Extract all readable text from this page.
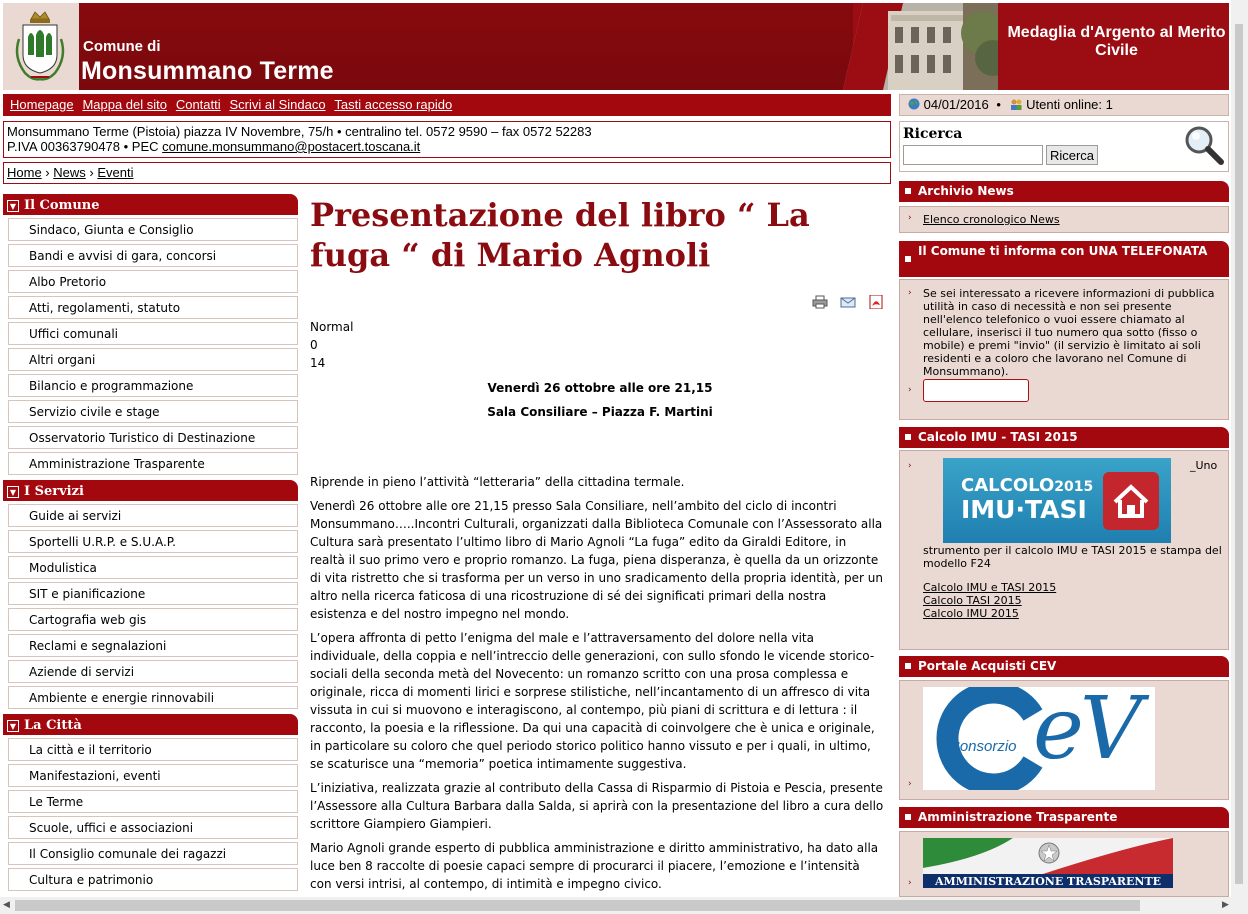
Comune di
Monsummano Terme
Medaglia d'Argento al Merito Civile
Homepage Mappa del sito Contatti Scrivi al Sindaco Tasti accesso rapido	04/01/2016 • Utenti online: 1
Monsummano Terme (Pistoia) piazza IV Novembre, 75/h • centralino tel. 0572 9590 – fax 0572 52283
P.IVA 00363790478 • PEC comune.monsummano@postacert.toscana.it
Ricerca
Ricerca
Home › News › Eventi
▼ Il Comune
Sindaco, Giunta e Consiglio
Bandi e avvisi di gara, concorsi
Albo Pretorio
Atti, regolamenti, statuto
Uffici comunali
Altri organi
Bilancio e programmazione
Servizio civile e stage
Osservatorio Turistico di Destinazione
Amministrazione Trasparente
▼ I Servizi
Guide ai servizi
Sportelli U.R.P. e S.U.A.P.
Modulistica
SIT e pianificazione
Cartografia web gis
Reclami e segnalazioni
Aziende di servizi
Ambiente e energie rinnovabili
▼ La Città
La città e il territorio
Manifestazioni, eventi
Le Terme
Scuole, uffici e associazioni
Il Consiglio comunale dei ragazzi
Cultura e patrimonio
Presentazione del libro “ La fuga “ di Mario Agnoli
Normal
0
14
Venerdì 26 ottobre alle ore 21,15
Sala Consiliare – Piazza F. Martini

Riprende in pieno l’attività “letteraria” della cittadina termale.

Venerdì 26 ottobre alle ore 21,15 presso Sala Consiliare, nell’ambito del ciclo di incontri Monsummano…..Incontri Culturali, organizzati dalla Biblioteca Comunale con l’Assessorato alla Cultura sarà presentato l’ultimo libro di Mario Agnoli “La fuga” edito da Giraldi Editore, in realtà il suo primo vero e proprio romanzo. La fuga, piena disperanza, è quella da un orizzonte di vita ristretto che si trasforma per un verso in uno sradicamento della propria identità, per un altro nella ricerca faticosa di una ricostruzione di sé dei significati primari della nostra esistenza e del nostro impegno nel mondo.

L’opera affronta di petto l’enigma del male e l’attraversamento del dolore nella vita individuale, della coppia e nell’intreccio delle generazioni, con sullo sfondo le vicende storico-sociali della seconda metà del Novecento: un romanzo scritto con una prosa complessa e originale, ricca di momenti lirici e sorprese stilistiche, nell’incantamento di un affresco di vita vissuta in cui si muovono e interagiscono, al contempo, più piani di scrittura e di lettura : il racconto, la poesia e la riflessione. Da qui una capacità di coinvolgere che è unica e originale, in particolare su coloro che quel periodo storico politico hanno vissuto e per i quali, in ultimo, se scaturisce una “memoria” poetica intimamente suggestiva.

L’iniziativa, realizzata grazie al contributo della Cassa di Risparmio di Pistoia e Pescia, presente l’Assessore alla Cultura Barbara dalla Salda, si aprirà con la presentazione del libro a cura dello scrittore Giampiero Giampieri.

Mario Agnoli grande esperto di pubblica amministrazione e diritto amministrativo, ha dato alla luce ben 8 raccolte di poesie capaci sempre di procurarci il piacere, l’emozione e l’intensità con versi intrisi, al contempo, di intimità e impegno civico.

Archivio News
› Elenco cronologico News
Il Comune ti informa con UNA TELEFONATA
› Se sei interessato a ricevere informazioni di pubblica utilità in caso di necessità e non sei presente nell'elenco telefonico o vuoi essere chiamato al cellulare, inserisci il tuo numero qua sotto (fisso o mobile) e premi "invio" (il servizio è limitato ai soli residenti e a coloro che lavorano nel Comune di Monsummano).
›
Calcolo IMU - TASI 2015
›
CALCOLO2015
IMU·TASI
_Uno
strumento per il calcolo IMU e TASI 2015 e stampa del modello F24
Calcolo IMU e TASI 2015
Calcolo TASI 2015
Calcolo IMU 2015
Portale Acquisti CEV
›
Consorzio eV
Amministrazione Trasparente
›	AMMINISTRAZIONE TRASPARENTE
◀	▶
